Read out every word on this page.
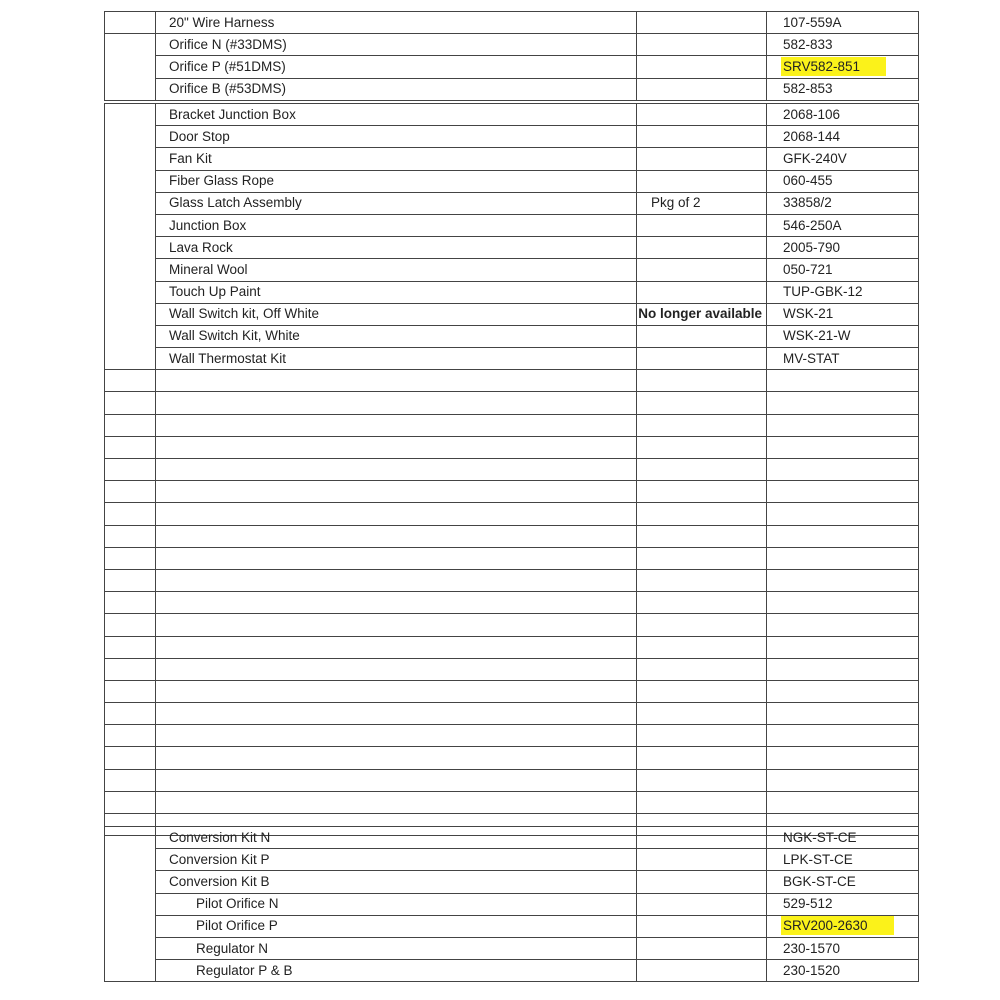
	20" Wire Harness		107-559A
	Orifice N (#33DMS)		582-833
	Orifice P (#51DMS)		SRV582-851
	Orifice B (#53DMS)		582-853
	Bracket Junction Box		2068-106
	Door Stop		2068-144
	Fan Kit		GFK-240V
	Fiber Glass Rope		060-455
	Glass Latch Assembly	Pkg of 2	33858/2
	Junction Box		546-250A
	Lava Rock		2005-790
	Mineral Wool		050-721
	Touch Up Paint		TUP-GBK-12
	Wall Switch kit, Off White	No longer available	WSK-21
	Wall Switch Kit, White		WSK-21-W
	Wall Thermostat Kit		MV-STAT

	Conversion Kit N		NGK-ST-CE
	Conversion Kit P		LPK-ST-CE
	Conversion Kit B		BGK-ST-CE
	Pilot Orifice N		529-512
	Pilot Orifice P		SRV200-2630
	Regulator N		230-1570
	Regulator P & B		230-1520
